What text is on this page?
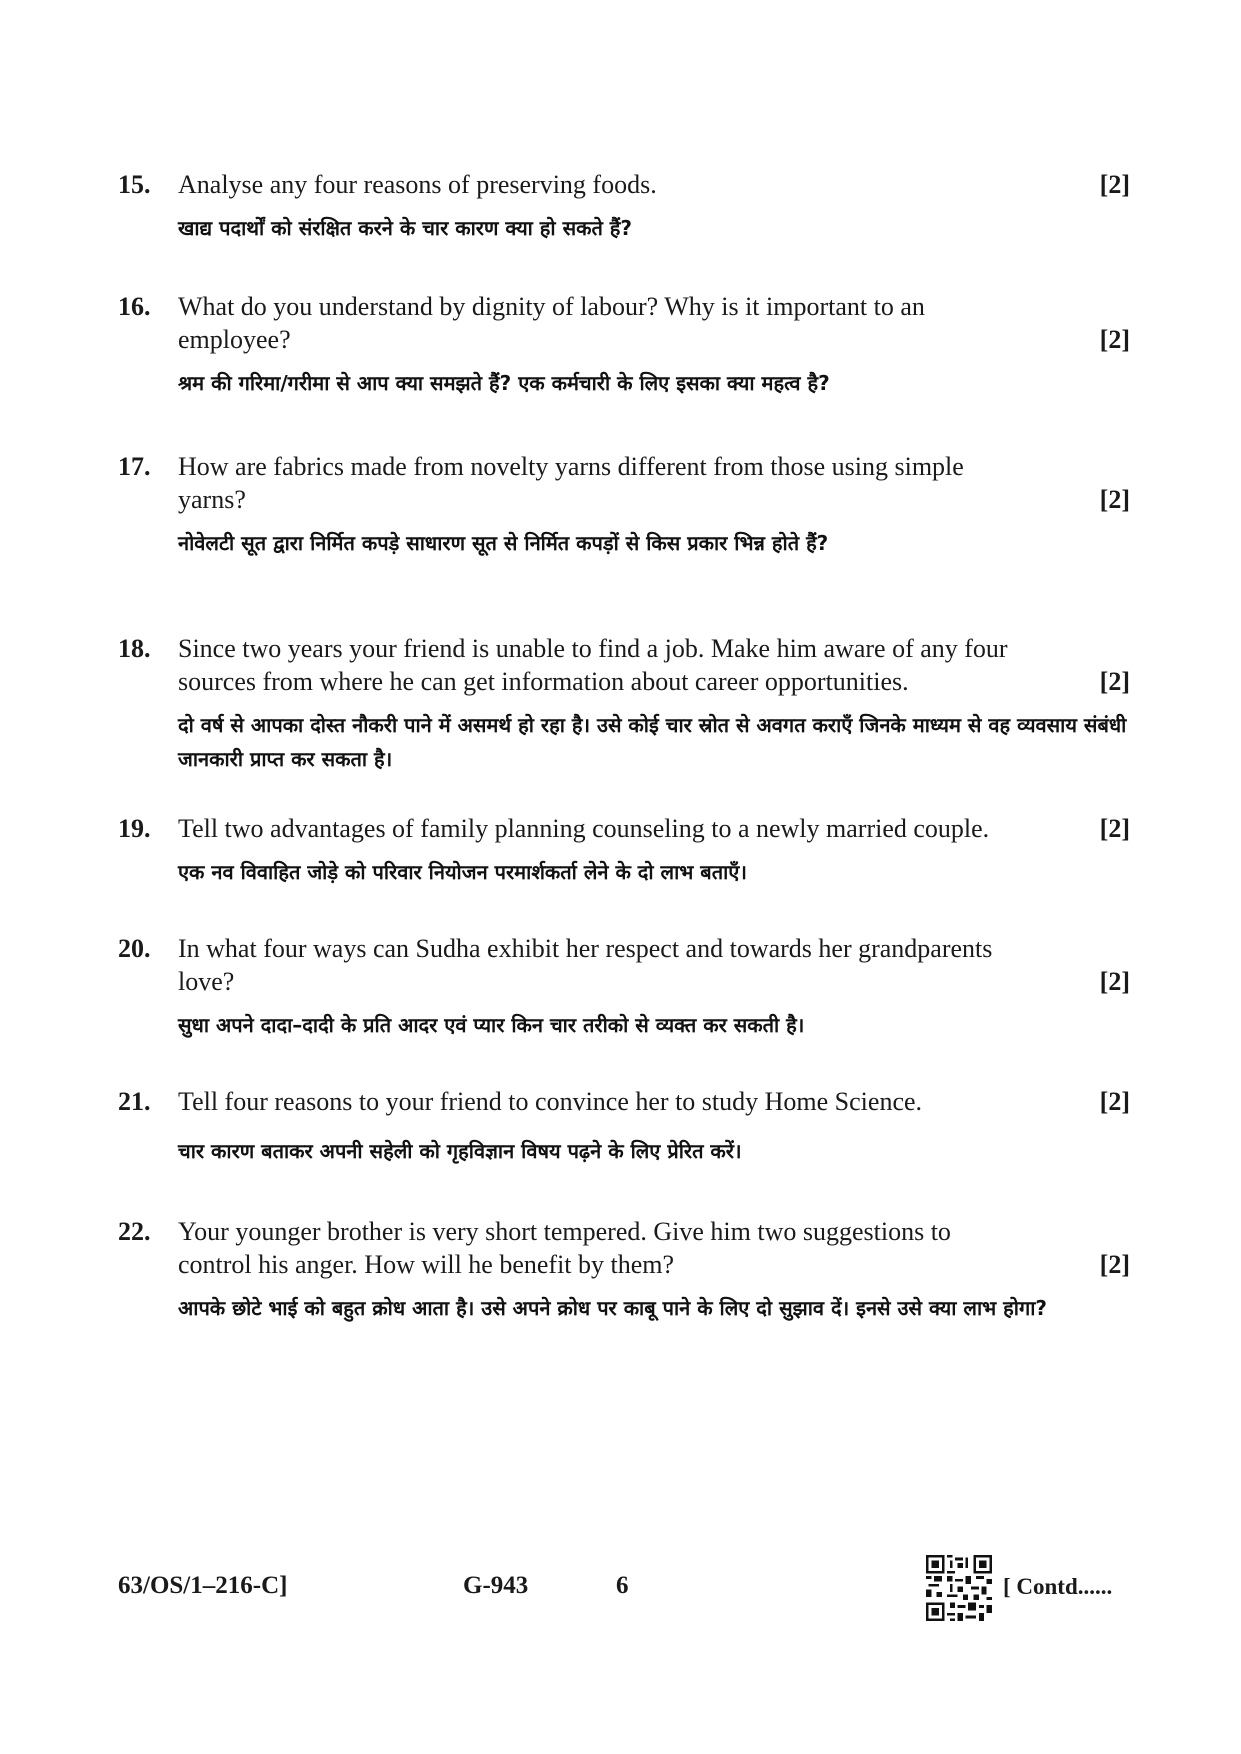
15. Analyse any four reasons of preserving foods.	[2]
खाद्य पदार्थों को संरक्षित करने के चार कारण क्या हो सकते हैं?
16. What do you understand by dignity of labour? Why is it important to an
employee?	[2]
श्रम की गरिमा/गरीमा से आप क्या समझते हैं? एक कर्मचारी के लिए इसका क्या महत्व है?
17. How are fabrics made from novelty yarns different from those using simple
yarns?	[2]
नोवेलटी सूत द्वारा निर्मित कपड़े साधारण सूत से निर्मित कपड़ों से किस प्रकार भिन्न होते हैं?
18. Since two years your friend is unable to find a job. Make him aware of any four
sources from where he can get information about career opportunities.	[2]
दो वर्ष से आपका दोस्त नौकरी पाने में असमर्थ हो रहा है। उसे कोई चार स्रोत से अवगत कराएँ जिनके माध्यम से वह व्यवसाय संबंधी जानकारी प्राप्त कर सकता है।
19. Tell two advantages of family planning counseling to a newly married couple.	[2]
एक नव विवाहित जोड़े को परिवार नियोजन परमार्शकर्ता लेने के दो लाभ बताएँ।
20. In what four ways can Sudha exhibit her respect and towards her grandparents
love?	[2]
सुधा अपने दादा–दादी के प्रति आदर एवं प्यार किन चार तरीको से व्यक्त कर सकती है।
21. Tell four reasons to your friend to convince her to study Home Science.	[2]
चार कारण बताकर अपनी सहेली को गृहविज्ञान विषय पढ़ने के लिए प्रेरित करें।
22. Your younger brother is very short tempered. Give him two suggestions to
control his anger. How will he benefit by them?	[2]
आपके छोटे भाई को बहुत क्रोध आता है। उसे अपने क्रोध पर काबू पाने के लिए दो सुझाव दें। इनसे उसे क्या लाभ होगा?
63/OS/1–216-C]	G-943	6	[ Contd......
